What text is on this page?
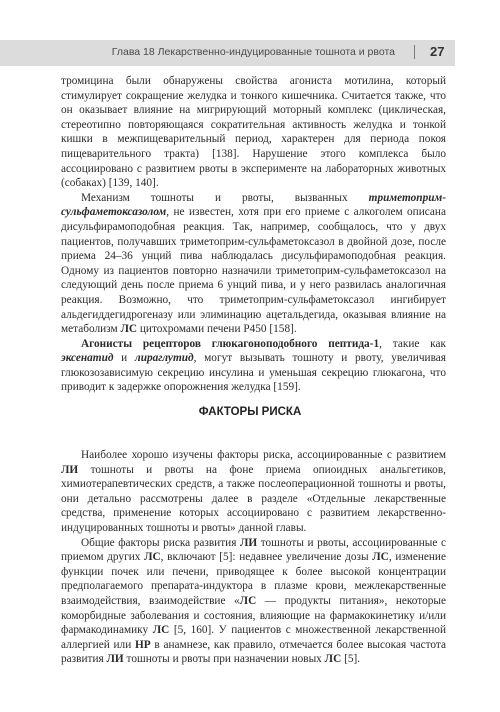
Глава 18 Лекарственно-индуцированные тошнота и рвота	27

тромицина были обнаружены свойства агониста мотилина, который стимулирует сокращение желудка и тонкого кишечника. Считается также, что он оказывает влияние на мигрирующий моторный комплекс (циклическая, стереотипно повторяющаяся сократительная активность желудка и тонкой кишки в межпищеварительный период, характерен для периода покоя пищеварительного тракта) [138]. Нарушение этого комплекса было ассоциировано с развитием рвоты в эксперименте на лабораторных животных (собаках) [139, 140].

Механизм тошноты и рвоты, вызванных триметоприм-сульфаметоксазолом, не известен, хотя при его приеме с алкоголем описана дисульфирамоподобная реакция. Так, например, сообщалось, что у двух пациентов, получавших триметоприм-сульфаметоксазол в двойной дозе, после приема 24–36 унций пива наблюдалась дисульфирамоподобная реакция. Одному из пациентов повторно назначили триметоприм-сульфаметоксазол на следующий день после приема 6 унций пива, и у него развилась аналогичная реакция. Возможно, что триметоприм-сульфаметоксазол ингибирует альдегиддегидрогеназу или элиминацию ацетальдегида, оказывая влияние на метаболизм ЛС цитохромами печени Р450 [158].

Агонисты рецепторов глюкагоноподобного пептида-1, такие как эксенатид и лираглутид, могут вызывать тошноту и рвоту, увеличивая глюкозозависимую секрецию инсулина и уменьшая секрецию глюкагона, что приводит к задержке опорожнения желудка [159].

ФАКТОРЫ РИСКА

Наиболее хорошо изучены факторы риска, ассоциированные с развитием ЛИ тошноты и рвоты на фоне приема опиоидных анальгетиков, химиотерапевтических средств, а также послеоперационной тошноты и рвоты, они детально рассмотрены далее в разделе «Отдельные лекарственные средства, применение которых ассоциировано с развитием лекарственно-индуцированных тошноты и рвоты» данной главы.

Общие факторы риска развития ЛИ тошноты и рвоты, ассоциированные с приемом других ЛС, включают [5]: недавнее увеличение дозы ЛС, изменение функции почек или печени, приводящее к более высокой концентрации предполагаемого препарата-индуктора в плазме крови, межлекарственные взаимодействия, взаимодействие «ЛС — продукты питания», некоторые коморбидные заболевания и состояния, влияющие на фармакокинетику и/или фармакодинамику ЛС [5, 160]. У пациентов с множественной лекарственной аллергией или НР в анамнезе, как правило, отмечается более высокая частота развития ЛИ тошноты и рвоты при назначении новых ЛС [5].
